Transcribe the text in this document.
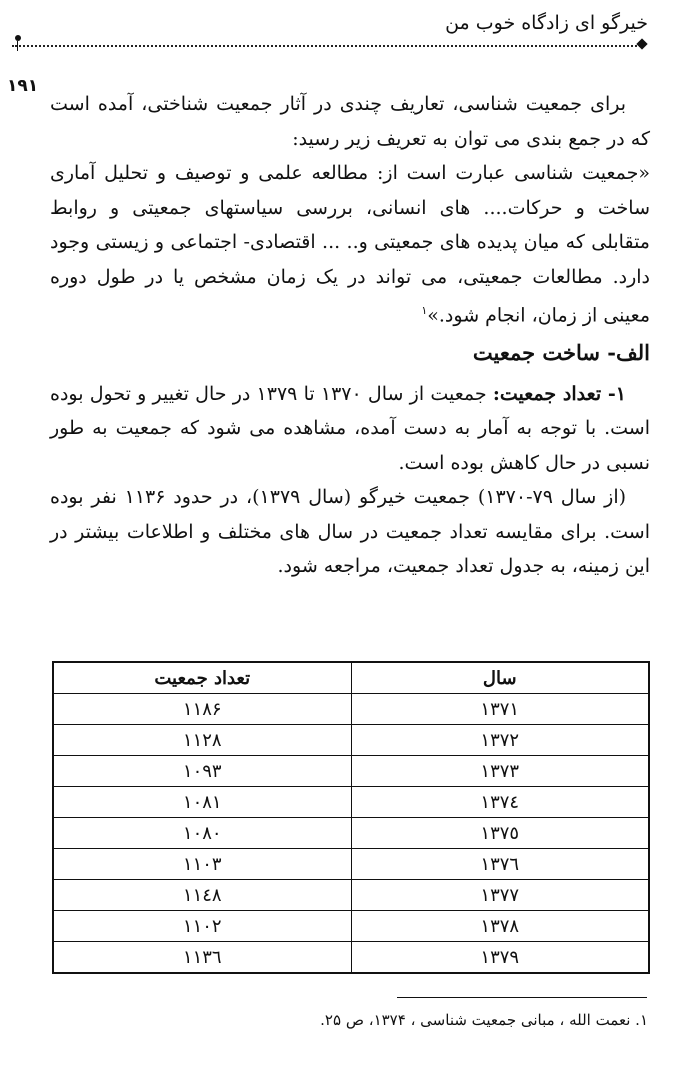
خیرگو ای زادگاه خوب من
۱۹۱

برای جمعیت شناسی، تعاریف چندی در آثار جمعیت شناختی، آمده است که در جمع بندی می توان به تعریف زیر رسید:

«جمعیت شناسی عبارت است از: مطالعه علمی و توصیف و تحلیل آماری ساخت و حرکات.... های انسانی، بررسی سیاستهای جمعیتی و روابط متقابلی که میان پدیده های جمعیتی و.. ... اقتصادی- اجتماعی و زیستی وجود دارد. مطالعات جمعیتی، می تواند در یک زمان مشخص یا در طول دوره معینی از زمان، انجام شود.»$^۱$

الف- ساخت جمعیت

۱- تعداد جمعیت: جمعیت از سال ۱۳۷۰ تا ۱۳۷۹ در حال تغییر و تحول بوده است. با توجه به آمار به دست آمده، مشاهده می شود که جمعیت به طور نسبی در حال کاهش بوده است.

(از سال ۷۹-۱۳۷۰) جمعیت خیرگو (سال ۱۳۷۹)، در حدود ۱۱۳۶ نفر بوده است. برای مقایسه تعداد جمعیت در سال های مختلف و اطلاعات بیشتر در این زمینه، به جدول تعداد جمعیت، مراجعه شود.

سال	تعداد جمعیت
۱۳۷۱	۱۱۸۶
۱۳۷۲	۱۱۲۸
۱۳۷۳	۱۰۹۳
۱۳۷٤	۱۰۸۱
۱۳۷٥	۱۰۸۰
۱۳۷٦	۱۱۰۳
۱۳۷۷	۱۱٤۸
۱۳۷۸	۱۱۰۲
۱۳۷۹	۱۱۳٦
۱. نعمت الله ، مبانی جمعیت شناسی ، ۱۳۷۴، ص ۲۵.
